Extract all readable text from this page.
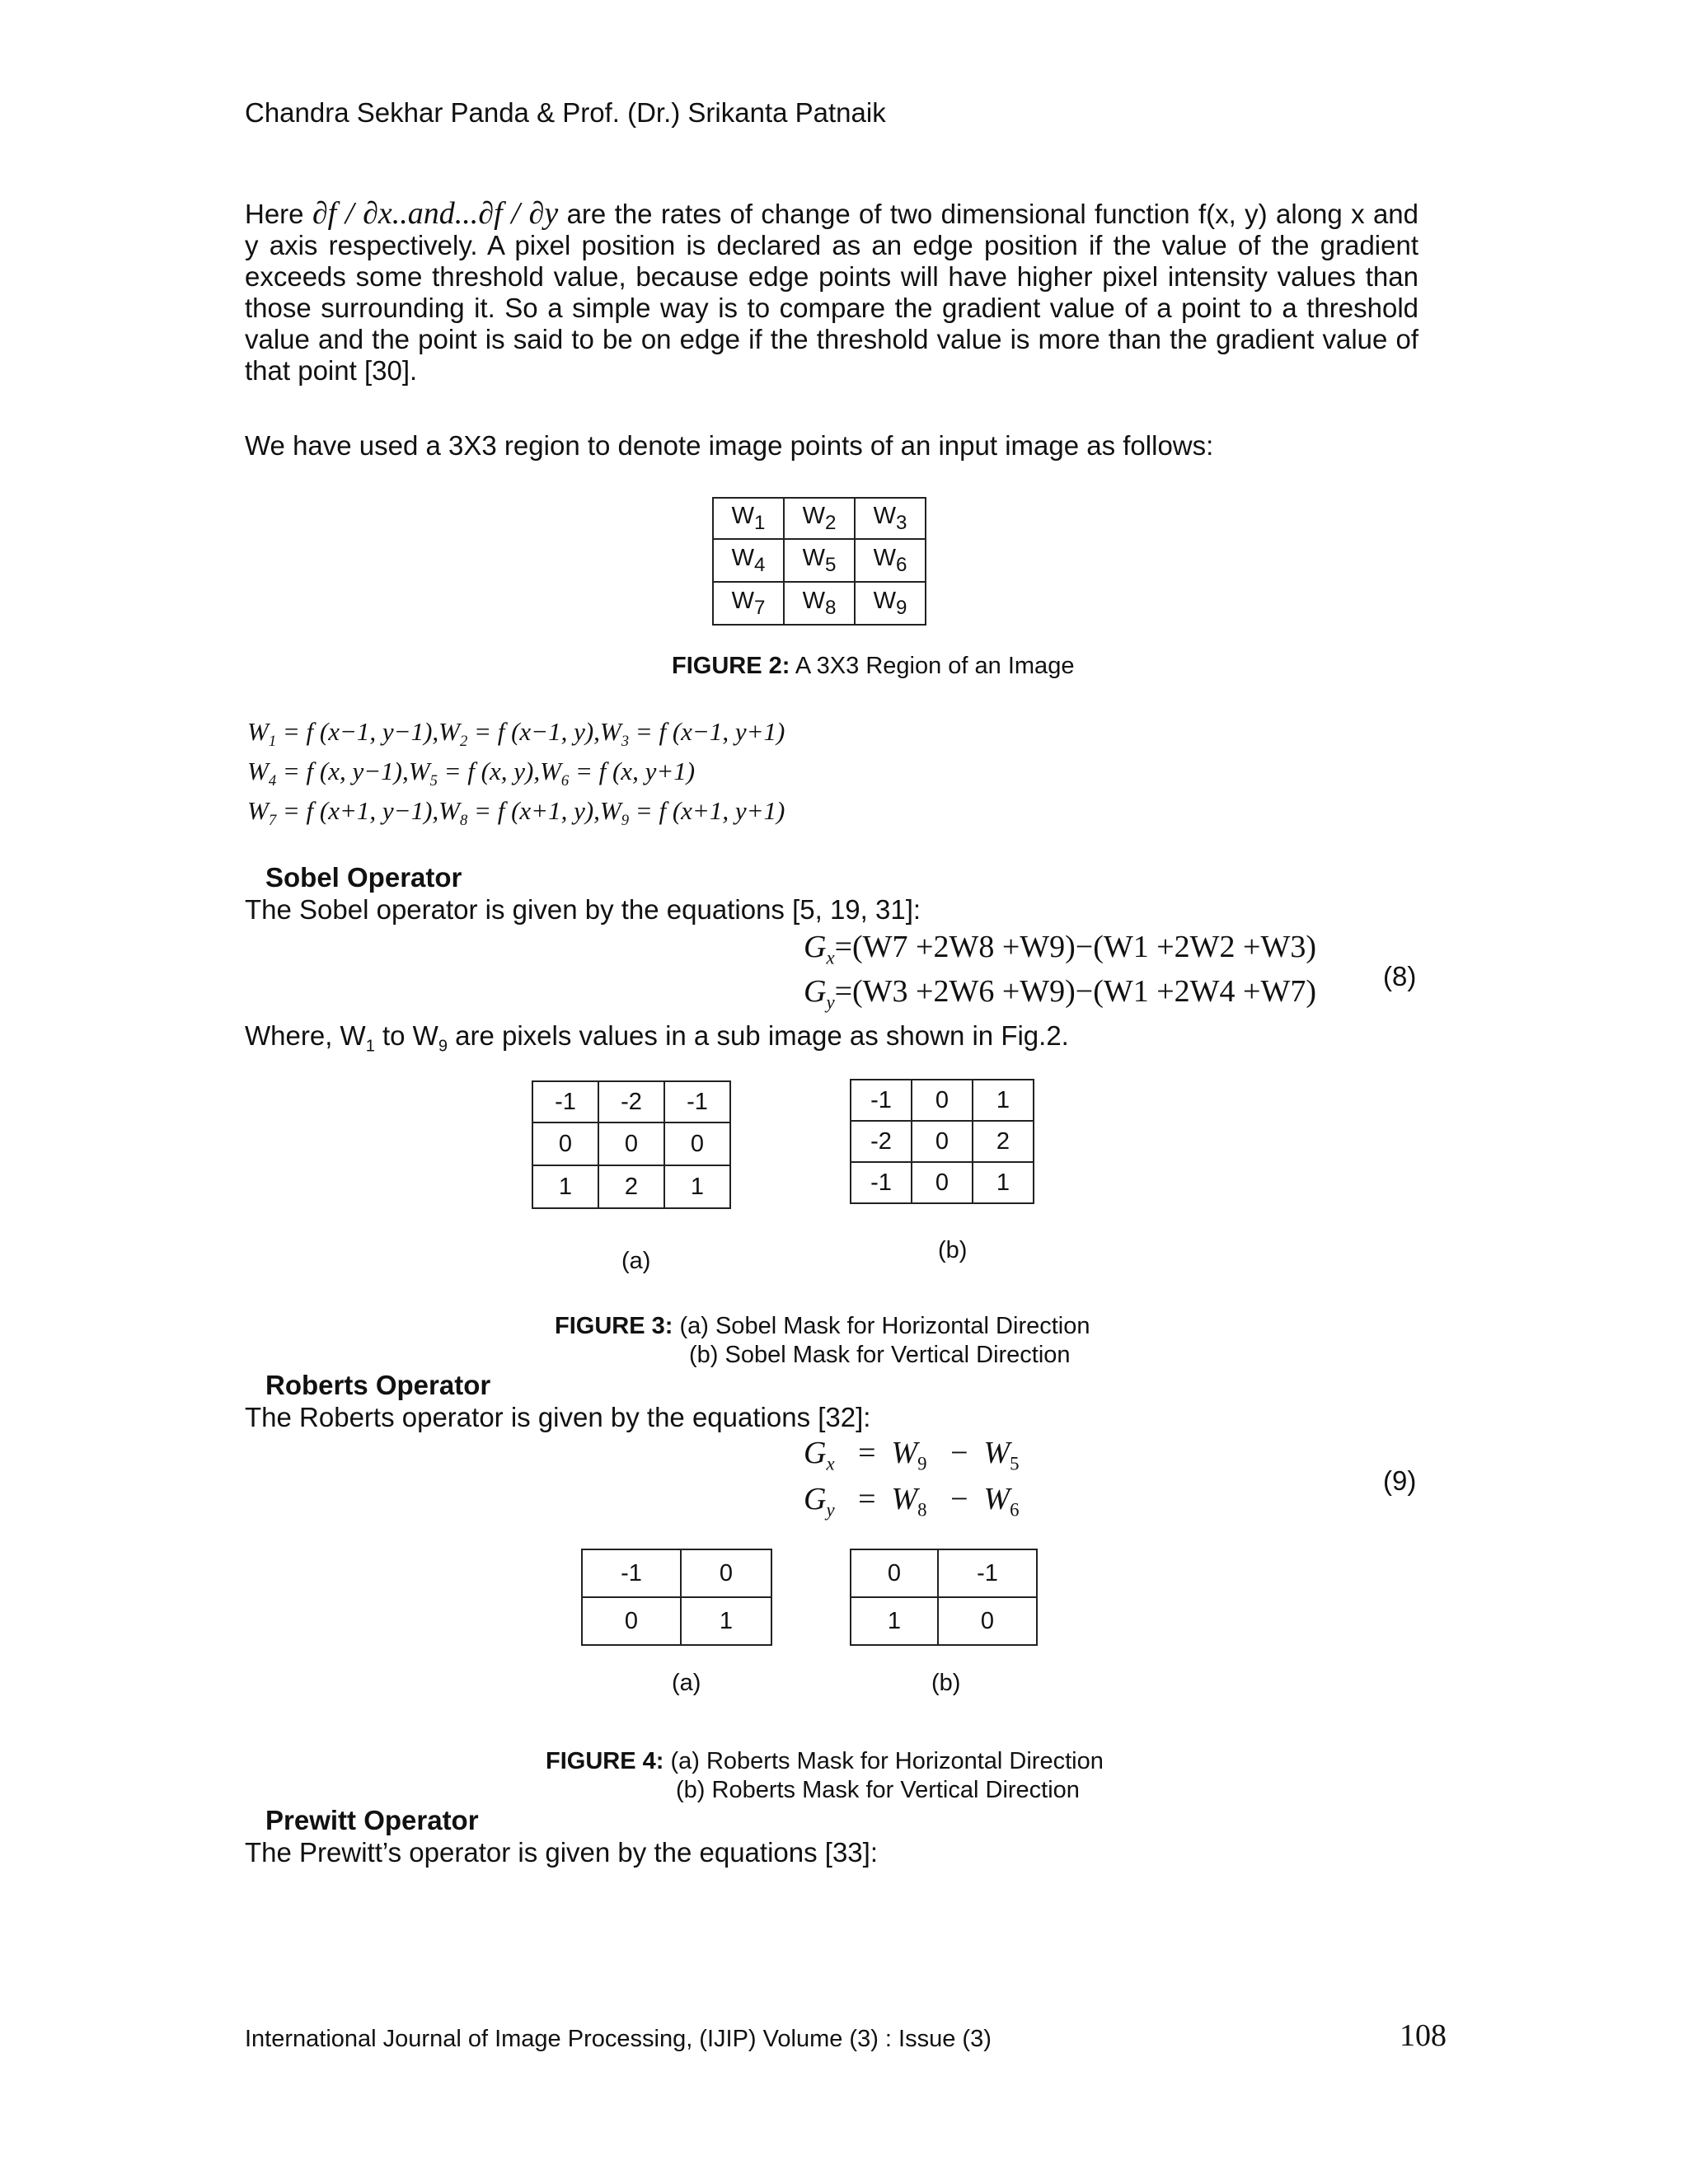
Chandra Sekhar Panda & Prof. (Dr.) Srikanta Patnaik
Here ∂f / ∂x..and...∂f / ∂y are the rates of change of two dimensional function f(x, y) along x and y axis respectively. A pixel position is declared as an edge position if the value of the gradient exceeds some threshold value, because edge points will have higher pixel intensity values than those surrounding it. So a simple way is to compare the gradient value of a point to a threshold value and the point is said to be on edge if the threshold value is more than the gradient value of that point [30].
We have used a 3X3 region to denote image points of an input image as follows:
$W_1$	$W_2$	$W_3$
$W_4$	$W_5$	$W_6$
$W_7$	$W_8$	$W_9$
FIGURE 2: A 3X3 Region of an Image
$W_1 = f$ (x−1, $y-1),W_2 = f$ (x−1, $y),W_3 = f$ (x−1, y+1)
$W_4 = f$ (x, $y-1),W_5 = f$ (x, $y),W_6 = f$ (x, y+1)
$W_7 = f$ (x+1, $y-1),W_8 = f$ (x+1, $y),W_9 = f$ (x+1, y+1)
Sobel Operator
The Sobel operator is given by the equations [5, 19, 31]:
$G_x=(W7 +2W8 +W9)-(W1 +2W2 +W3)$
$G_y=(W3 +2W6 +W9)-(W1 +2W4 +W7)$ (8)
Where, $W_1$ to $W_9$ are pixels values in a sub image as shown in Fig.2.
-1	-2	-1
0	0	0
1	2	1
-1	0	1
-2	0	2
-1	0	1
(a)	(b)
FIGURE 3: (a) Sobel Mask for Horizontal Direction
(b) Sobel Mask for Vertical Direction
Roberts Operator
The Roberts operator is given by the equations [32]:
$G_x = W_9 - W_5$
$G_y = W_8 - W_6$
(9)
-1	0
0	1
0	-1
1	0
(a)	(b)
FIGURE 4: (a) Roberts Mask for Horizontal Direction
(b) Roberts Mask for Vertical Direction
Prewitt Operator
The Prewitt’s operator is given by the equations [33]:
International Journal of Image Processing, (IJIP) Volume (3) : Issue (3)	108
